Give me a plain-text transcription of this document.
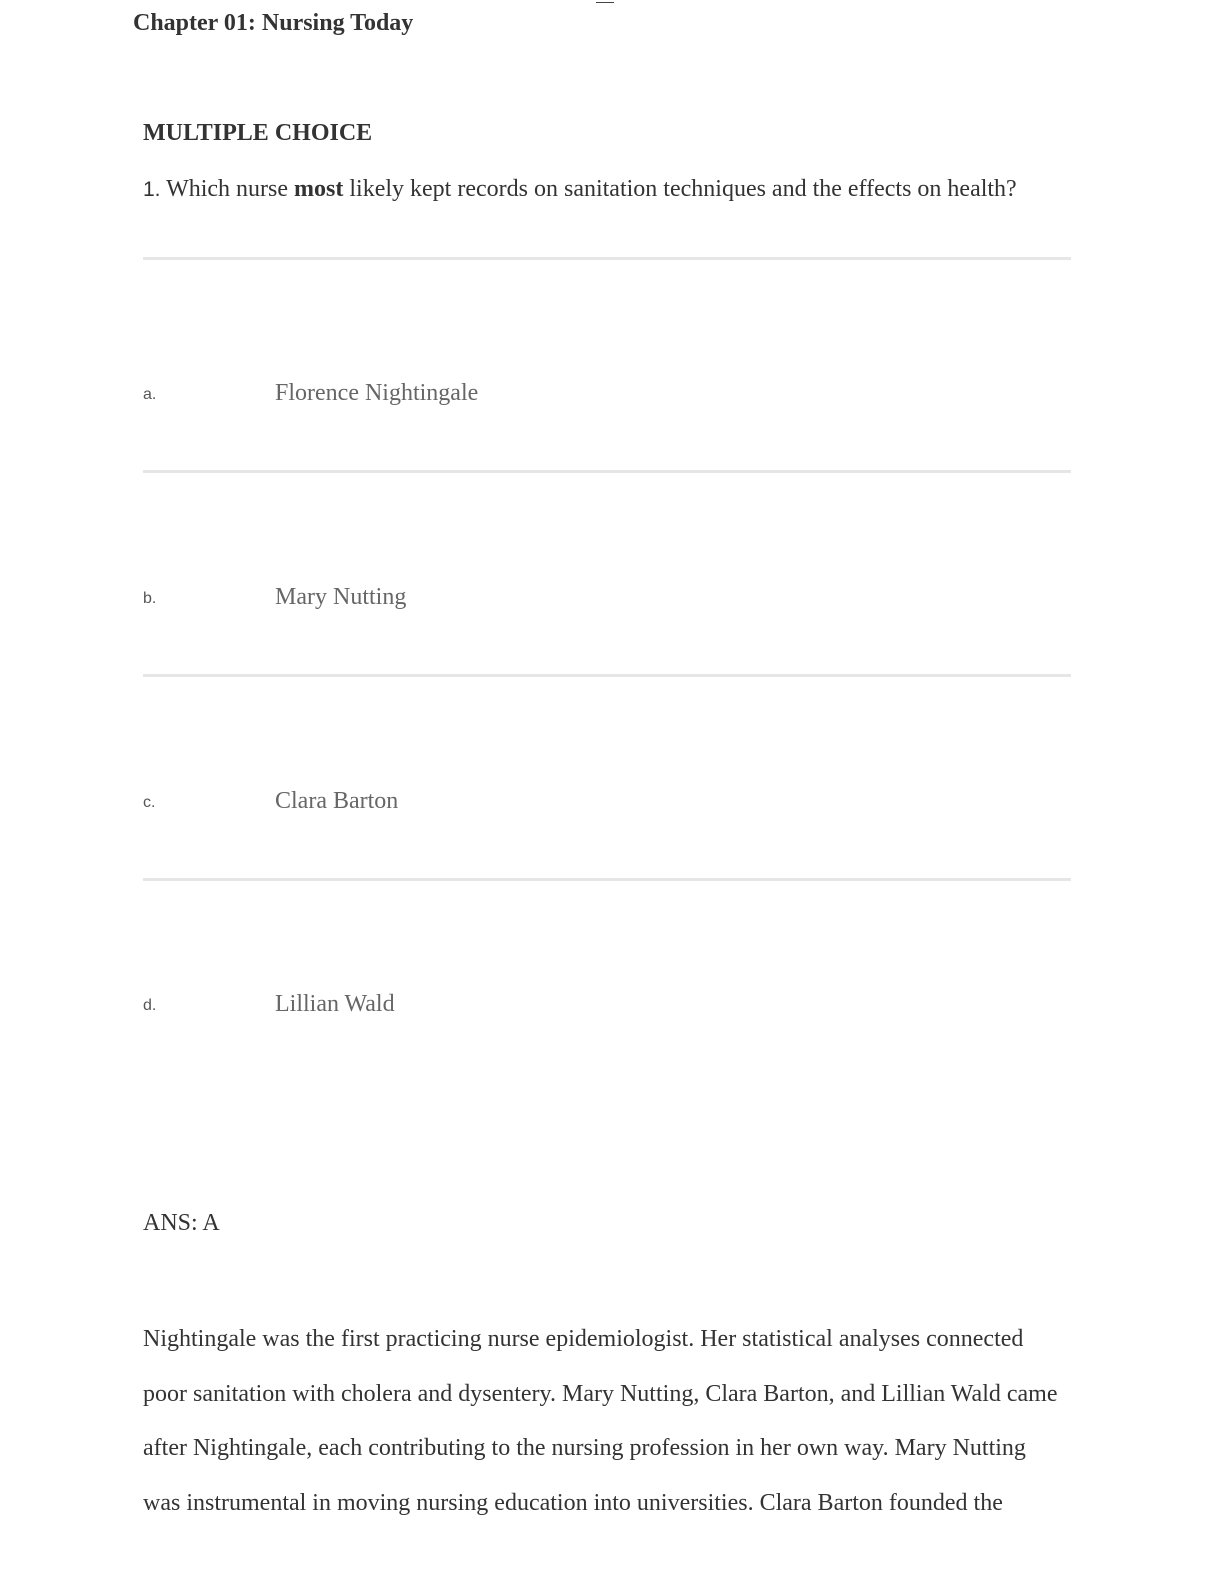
Chapter 01: Nursing Today
MULTIPLE CHOICE
1. Which nurse most likely kept records on sanitation techniques and the effects on health?
a.	Florence Nightingale
b.	Mary Nutting
c.	Clara Barton
d.	Lillian Wald
ANS: A
Nightingale was the first practicing nurse epidemiologist. Her statistical analyses connected
poor sanitation with cholera and dysentery. Mary Nutting, Clara Barton, and Lillian Wald came
after Nightingale, each contributing to the nursing profession in her own way. Mary Nutting
was instrumental in moving nursing education into universities. Clara Barton founded the
